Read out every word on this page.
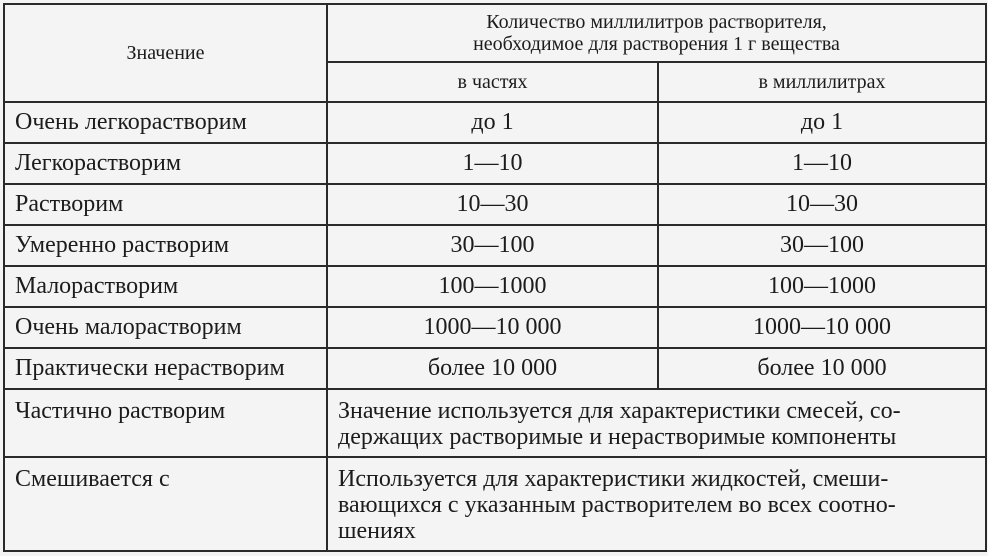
Значение	Количество миллилитров растворителя,
необходимое для растворения 1 г вещества	
	в частях	в миллилитрах
Очень легкорастворим	до 1	до 1
Легкорастворим	1—10	1—10
Растворим	10—30	10—30
Умеренно растворим	30—100	30—100
Малорастворим	100—1000	100—1000
Очень малорастворим	1000—10 000	1000—10 000
Практически нерастворим	более 10 000	более 10 000
Частично растворим	Значение используется для характеристики смесей, со-
держащих растворимые и нерастворимые компоненты	
Смешивается с	Используется для характеристики жидкостей, смеши-
вающихся с указанным растворителем во всех соотно-
шениях	
